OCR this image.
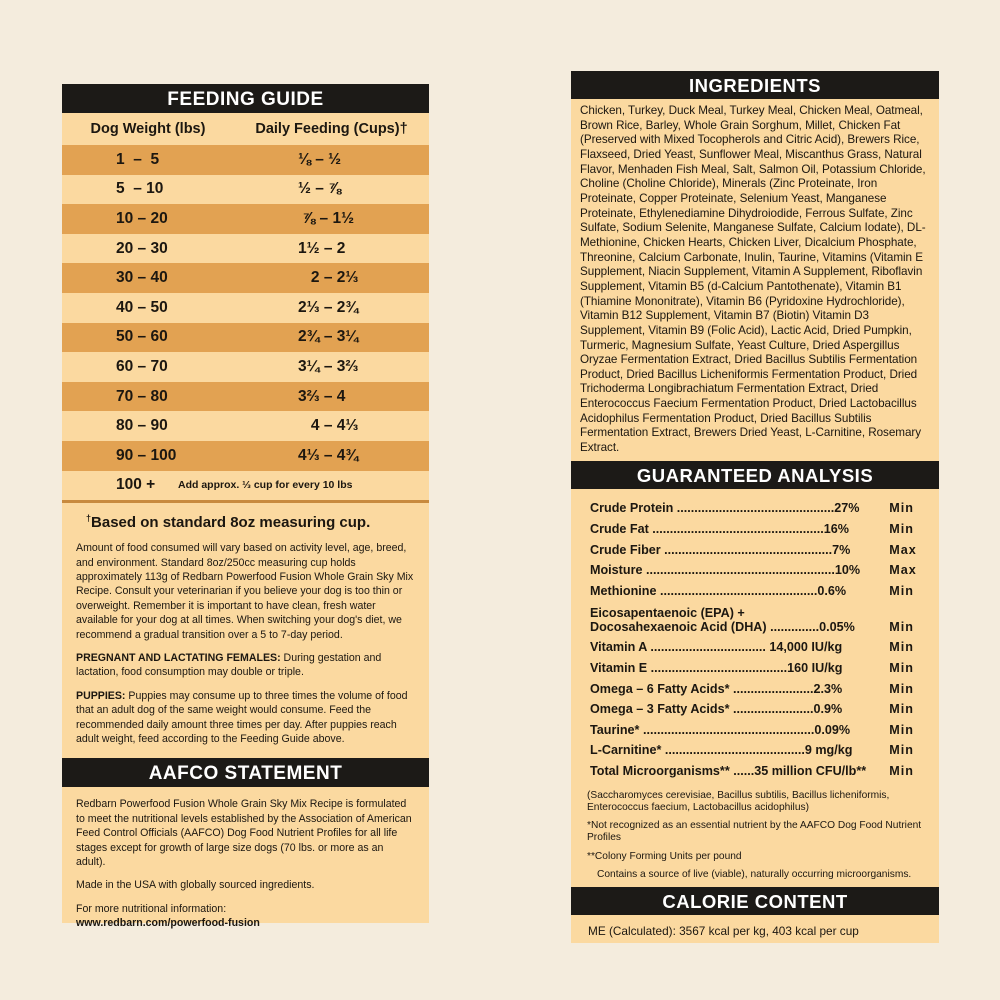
FEEDING GUIDE
Dog Weight (lbs)	Daily Feeding (Cups)†
1  –  5	⅛ – ½
5  – 10	½ – ⅞
10 – 20	⅞ – 1½
20 – 30	1½ – 2
30 – 40	2 – 2⅓
40 – 50	2⅓ – 2¾
50 – 60	2¾ – 3¼
60 – 70	3¼ – 3⅔
70 – 80	3⅔ – 4
80 – 90	4 – 4⅓
90 – 100	4⅓ – 4¾
100 +	Add approx. ⅓ cup for every 10 lbs
†Based on standard 8oz measuring cup.

Amount of food consumed will vary based on activity level, age, breed, and environment. Standard 8oz/250cc measuring cup holds approximately 113g of Redbarn Powerfood Fusion Whole Grain Sky Mix Recipe. Consult your veterinarian if you believe your dog is too thin or overweight. Remember it is important to have clean, fresh water available for your dog at all times. When switching your dog's diet, we recommend a gradual transition over a 5 to 7-day period.

PREGNANT AND LACTATING FEMALES: During gestation and lactation, food consumption may double or triple.

PUPPIES: Puppies may consume up to three times the volume of food that an adult dog of the same weight would consume. Feed the recommended daily amount three times per day. After puppies reach adult weight, feed according to the Feeding Guide above.

AAFCO STATEMENT

Redbarn Powerfood Fusion Whole Grain Sky Mix Recipe is formulated to meet the nutritional levels established by the Association of American Feed Control Officials (AAFCO) Dog Food Nutrient Profiles for all life stages except for growth of large size dogs (70 lbs. or more as an adult).

Made in the USA with globally sourced ingredients.

For more nutritional information:

www.redbarn.com/powerfood-fusion

INGREDIENTS
Chicken, Turkey, Duck Meal, Turkey Meal, Chicken Meal, Oatmeal, Brown Rice, Barley, Whole Grain Sorghum, Millet, Chicken Fat (Preserved with Mixed Tocopherols and Citric Acid), Brewers Rice, Flaxseed, Dried Yeast, Sunflower Meal, Miscanthus Grass, Natural Flavor, Menhaden Fish Meal, Salt, Salmon Oil, Potassium Chloride, Choline (Choline Chloride), Minerals (Zinc Proteinate, Iron Proteinate, Copper Proteinate, Selenium Yeast, Manganese Proteinate, Ethylenediamine Dihydroiodide, Ferrous Sulfate, Zinc Sulfate, Sodium Selenite, Manganese Sulfate, Calcium Iodate), DL-Methionine, Chicken Hearts, Chicken Liver, Dicalcium Phosphate, Threonine, Calcium Carbonate, Inulin, Taurine, Vitamins (Vitamin E Supplement, Niacin Supplement, Vitamin A Supplement, Riboflavin Supplement, Vitamin B5 (d-Calcium Pantothenate), Vitamin B1 (Thiamine Mononitrate), Vitamin B6 (Pyridoxine Hydrochloride), Vitamin B12 Supplement, Vitamin B7 (Biotin) Vitamin D3 Supplement, Vitamin B9 (Folic Acid), Lactic Acid, Dried Pumpkin, Turmeric, Magnesium Sulfate, Yeast Culture, Dried Aspergillus Oryzae Fermentation Extract, Dried Bacillus Subtilis Fermentation Product, Dried Bacillus Licheniformis Fermentation Product, Dried Trichoderma Longibrachiatum Fermentation Extract, Dried Enterococcus Faecium Fermentation Product, Dried Lactobacillus Acidophilus Fermentation Product, Dried Bacillus Subtilis Fermentation Extract, Brewers Dried Yeast, L-Carnitine, Rosemary Extract.
GUARANTEED ANALYSIS
Crude Protein .............................................27%	Min
Crude Fat .................................................16%	Min
Crude Fiber ................................................7%	Max
Moisture ......................................................10%	Max
Methionine .............................................0.6%	Min
Eicosapentaenoic (EPA) +
Docosahexaenoic Acid (DHA) ..............0.05%	Min
Vitamin A ................................. 14,000 IU/kg	Min
Vitamin E .......................................160 IU/kg	Min
Omega – 6 Fatty Acids* .......................2.3%	Min
Omega – 3 Fatty Acids* .......................0.9%	Min
Taurine* .................................................0.09%	Min
L-Carnitine* ........................................9 mg/kg	Min
Total Microorganisms** ......35 million CFU/lb**	Min

(Saccharomyces cerevisiae, Bacillus subtilis, Bacillus licheniformis, Enterococcus faecium, Lactobacillus acidophilus)

*Not recognized as an essential nutrient by the AAFCO Dog Food Nutrient Profiles

**Colony Forming Units per pound

Contains a source of live (viable), naturally occurring microorganisms.

CALORIE CONTENT
ME (Calculated): 3567 kcal per kg, 403 kcal per cup
